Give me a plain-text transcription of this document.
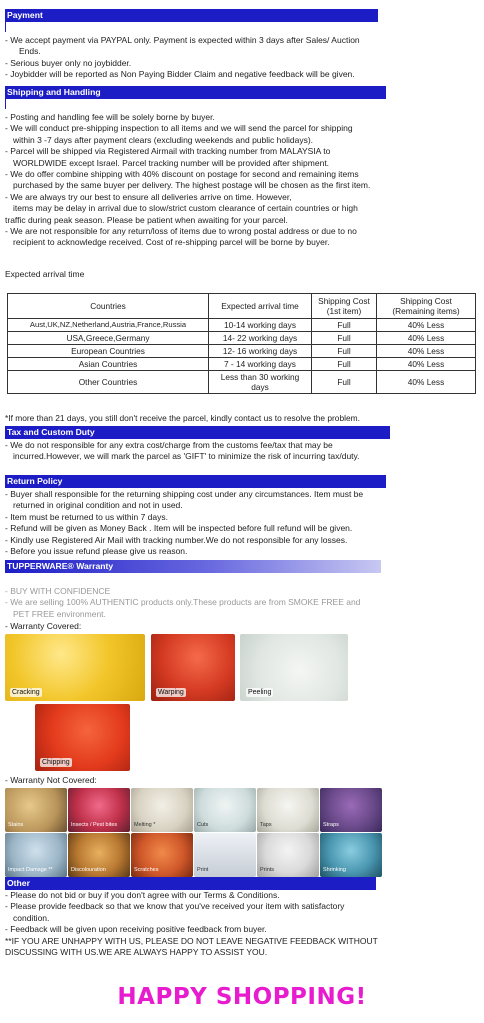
Payment

- We accept payment via PAYPAL only. Payment is expected within 3 days after Sales/ Auction

Ends.

- Serious buyer only no joybidder.

- Joybidder will be reported as Non Paying Bidder Claim and negative feedback will be given.

Shipping and Handling

- Posting and handling fee will be solely borne by buyer.

- We will conduct pre-shipping inspection to all items and we will send the parcel for shipping

within 3 -7 days after payment clears (excluding weekends and public holidays).

- Parcel will be shipped via Registered Airmail with tracking number from MALAYSIA to

WORLDWIDE except Israel. Parcel tracking number will be provided after shipment.

- We do offer combine shipping with 40% discount on postage for second and remaining items

purchased by the same buyer per delivery. The highest postage will be chosen as the first item.

- We are always try our best to ensure all deliveries arrive on time. However,

items may be delay in arrival due to slow/strict custom clearance of certain countries or high

traffic during peak season. Please be patient when awaiting for your parcel.

- We are not responsible for any return/loss of items due to wrong postal address or due to no

recipient to acknowledge received. Cost of re-shipping parcel will be borne by buyer.

Expected arrival time
Countries	Expected arrival time	Shipping Cost (1st item)	Shipping Cost (Remaining items)
Aust,UK,NZ,Netherland,Austria,France,Russia	10-14 working days	Full	40% Less
USA,Greece,Germany	14- 22 working days	Full	40% Less
European Countries	12- 16 working days	Full	40% Less
Asian Countries	7 - 14 working days	Full	40% Less
Other Countries	Less than 30 working days	Full	40% Less
*If more than 21 days, you still don't receive the parcel, kindly contact us to resolve the problem.
Tax and Custom Duty

- We do not responsible for any extra cost/charge from the customs fee/tax that may be

incurred.However, we will mark the parcel as 'GIFT' to minimize the risk of incurring tax/duty.

Return Policy

- Buyer shall responsible for the returning shipping cost under any circumstances. Item must be

returned in original condition and not in used.

- Item must be returned to us within 7 days.

- Refund will be given as Money Back . Item will be inspected before full refund will be given.

- Kindly use Registered Air Mail with tracking number.We do not responsible for any losses.

- Before you issue refund please give us reason.

TUPPERWARE® Warranty

- BUY WITH CONFIDENCE

- We are selling 100% AUTHENTIC products only.These products are from SMOKE FREE and

PET FREE environment.

- Warranty Covered:
Cracking	Warping	Peeling
Chipping
- Warranty Not Covered:
Stains	Insects / Pest bites	Melting *	Cuts	Taps	Straps
Impact Damage **	Discolouration	Scratches	Print	Prints	Shrinking
Other

- Please do not bid or buy if you don't agree with our Terms & Conditions.

- Please provide feedback so that we know that you've received your item with satisfactory

condition.

- Feedback will be given upon receiving positive feedback from buyer.

**IF YOU ARE UNHAPPY WITH US, PLEASE DO NOT LEAVE NEGATIVE FEEDBACK WITHOUT

DISCUSSING WITH US.WE ARE ALWAYS HAPPY TO ASSIST YOU.

HAPPY SHOPPING!
